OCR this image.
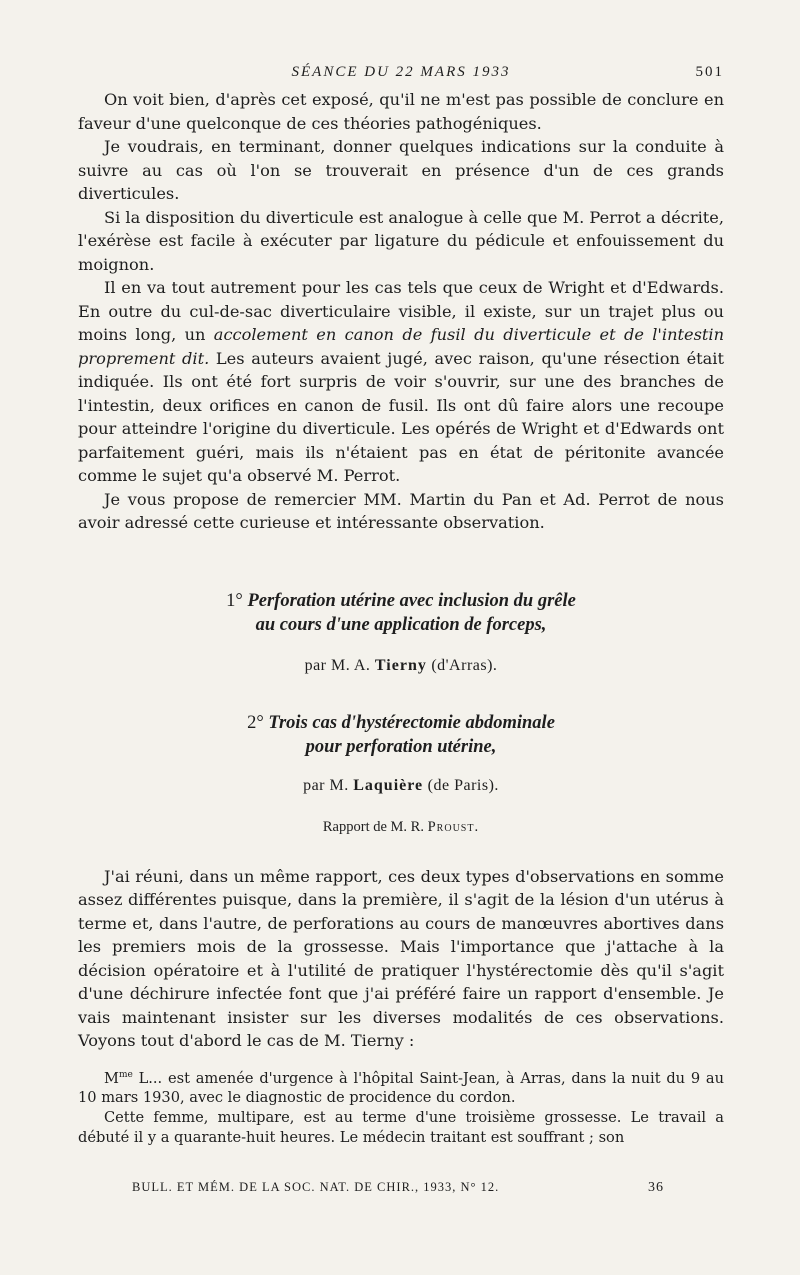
SÉANCE DU 22 MARS 1933	501

On voit bien, d'après cet exposé, qu'il ne m'est pas possible de conclure en faveur d'une quelconque de ces théories pathogéniques.

Je voudrais, en terminant, donner quelques indications sur la conduite à suivre au cas où l'on se trouverait en présence d'un de ces grands diverticules.

Si la disposition du diverticule est analogue à celle que M. Perrot a décrite, l'exérèse est facile à exécuter par ligature du pédicule et enfouissement du moignon.

Il en va tout autrement pour les cas tels que ceux de Wright et d'Edwards. En outre du cul-de-sac diverticulaire visible, il existe, sur un trajet plus ou moins long, un accolement en canon de fusil du diverticule et de l'intestin proprement dit. Les auteurs avaient jugé, avec raison, qu'une résection était indiquée. Ils ont été fort surpris de voir s'ouvrir, sur une des branches de l'intestin, deux orifices en canon de fusil. Ils ont dû faire alors une recoupe pour atteindre l'origine du diverticule. Les opérés de Wright et d'Edwards ont parfaitement guéri, mais ils n'étaient pas en état de péritonite avancée comme le sujet qu'a observé M. Perrot.

Je vous propose de remercier MM. Martin du Pan et Ad. Perrot de nous avoir adressé cette curieuse et intéressante observation.

1° Perforation utérine avec inclusion du grêle
au cours d'une application de forceps,
par M. A. Tierny (d'Arras).
2° Trois cas d'hystérectomie abdominale
pour perforation utérine,
par M. Laquière (de Paris).
Rapport de M. R. Proust.

J'ai réuni, dans un même rapport, ces deux types d'observations en somme assez différentes puisque, dans la première, il s'agit de la lésion d'un utérus à terme et, dans l'autre, de perforations au cours de manœuvres abortives dans les premiers mois de la grossesse. Mais l'importance que j'attache à la décision opératoire et à l'utilité de pratiquer l'hystérectomie dès qu'il s'agit d'une déchirure infectée font que j'ai préféré faire un rapport d'ensemble. Je vais maintenant insister sur les diverses modalités de ces observations. Voyons tout d'abord le cas de M. Tierny :

$M^{me}$ L... est amenée d'urgence à l'hôpital Saint-Jean, à Arras, dans la nuit du 9 au 10 mars 1930, avec le diagnostic de procidence du cordon.

Cette femme, multipare, est au terme d'une troisième grossesse. Le travail a débuté il y a quarante-huit heures. Le médecin traitant est souffrant ; son

BULL. ET MÉM. DE LA SOC. NAT. DE CHIR., 1933, N° 12.	36
